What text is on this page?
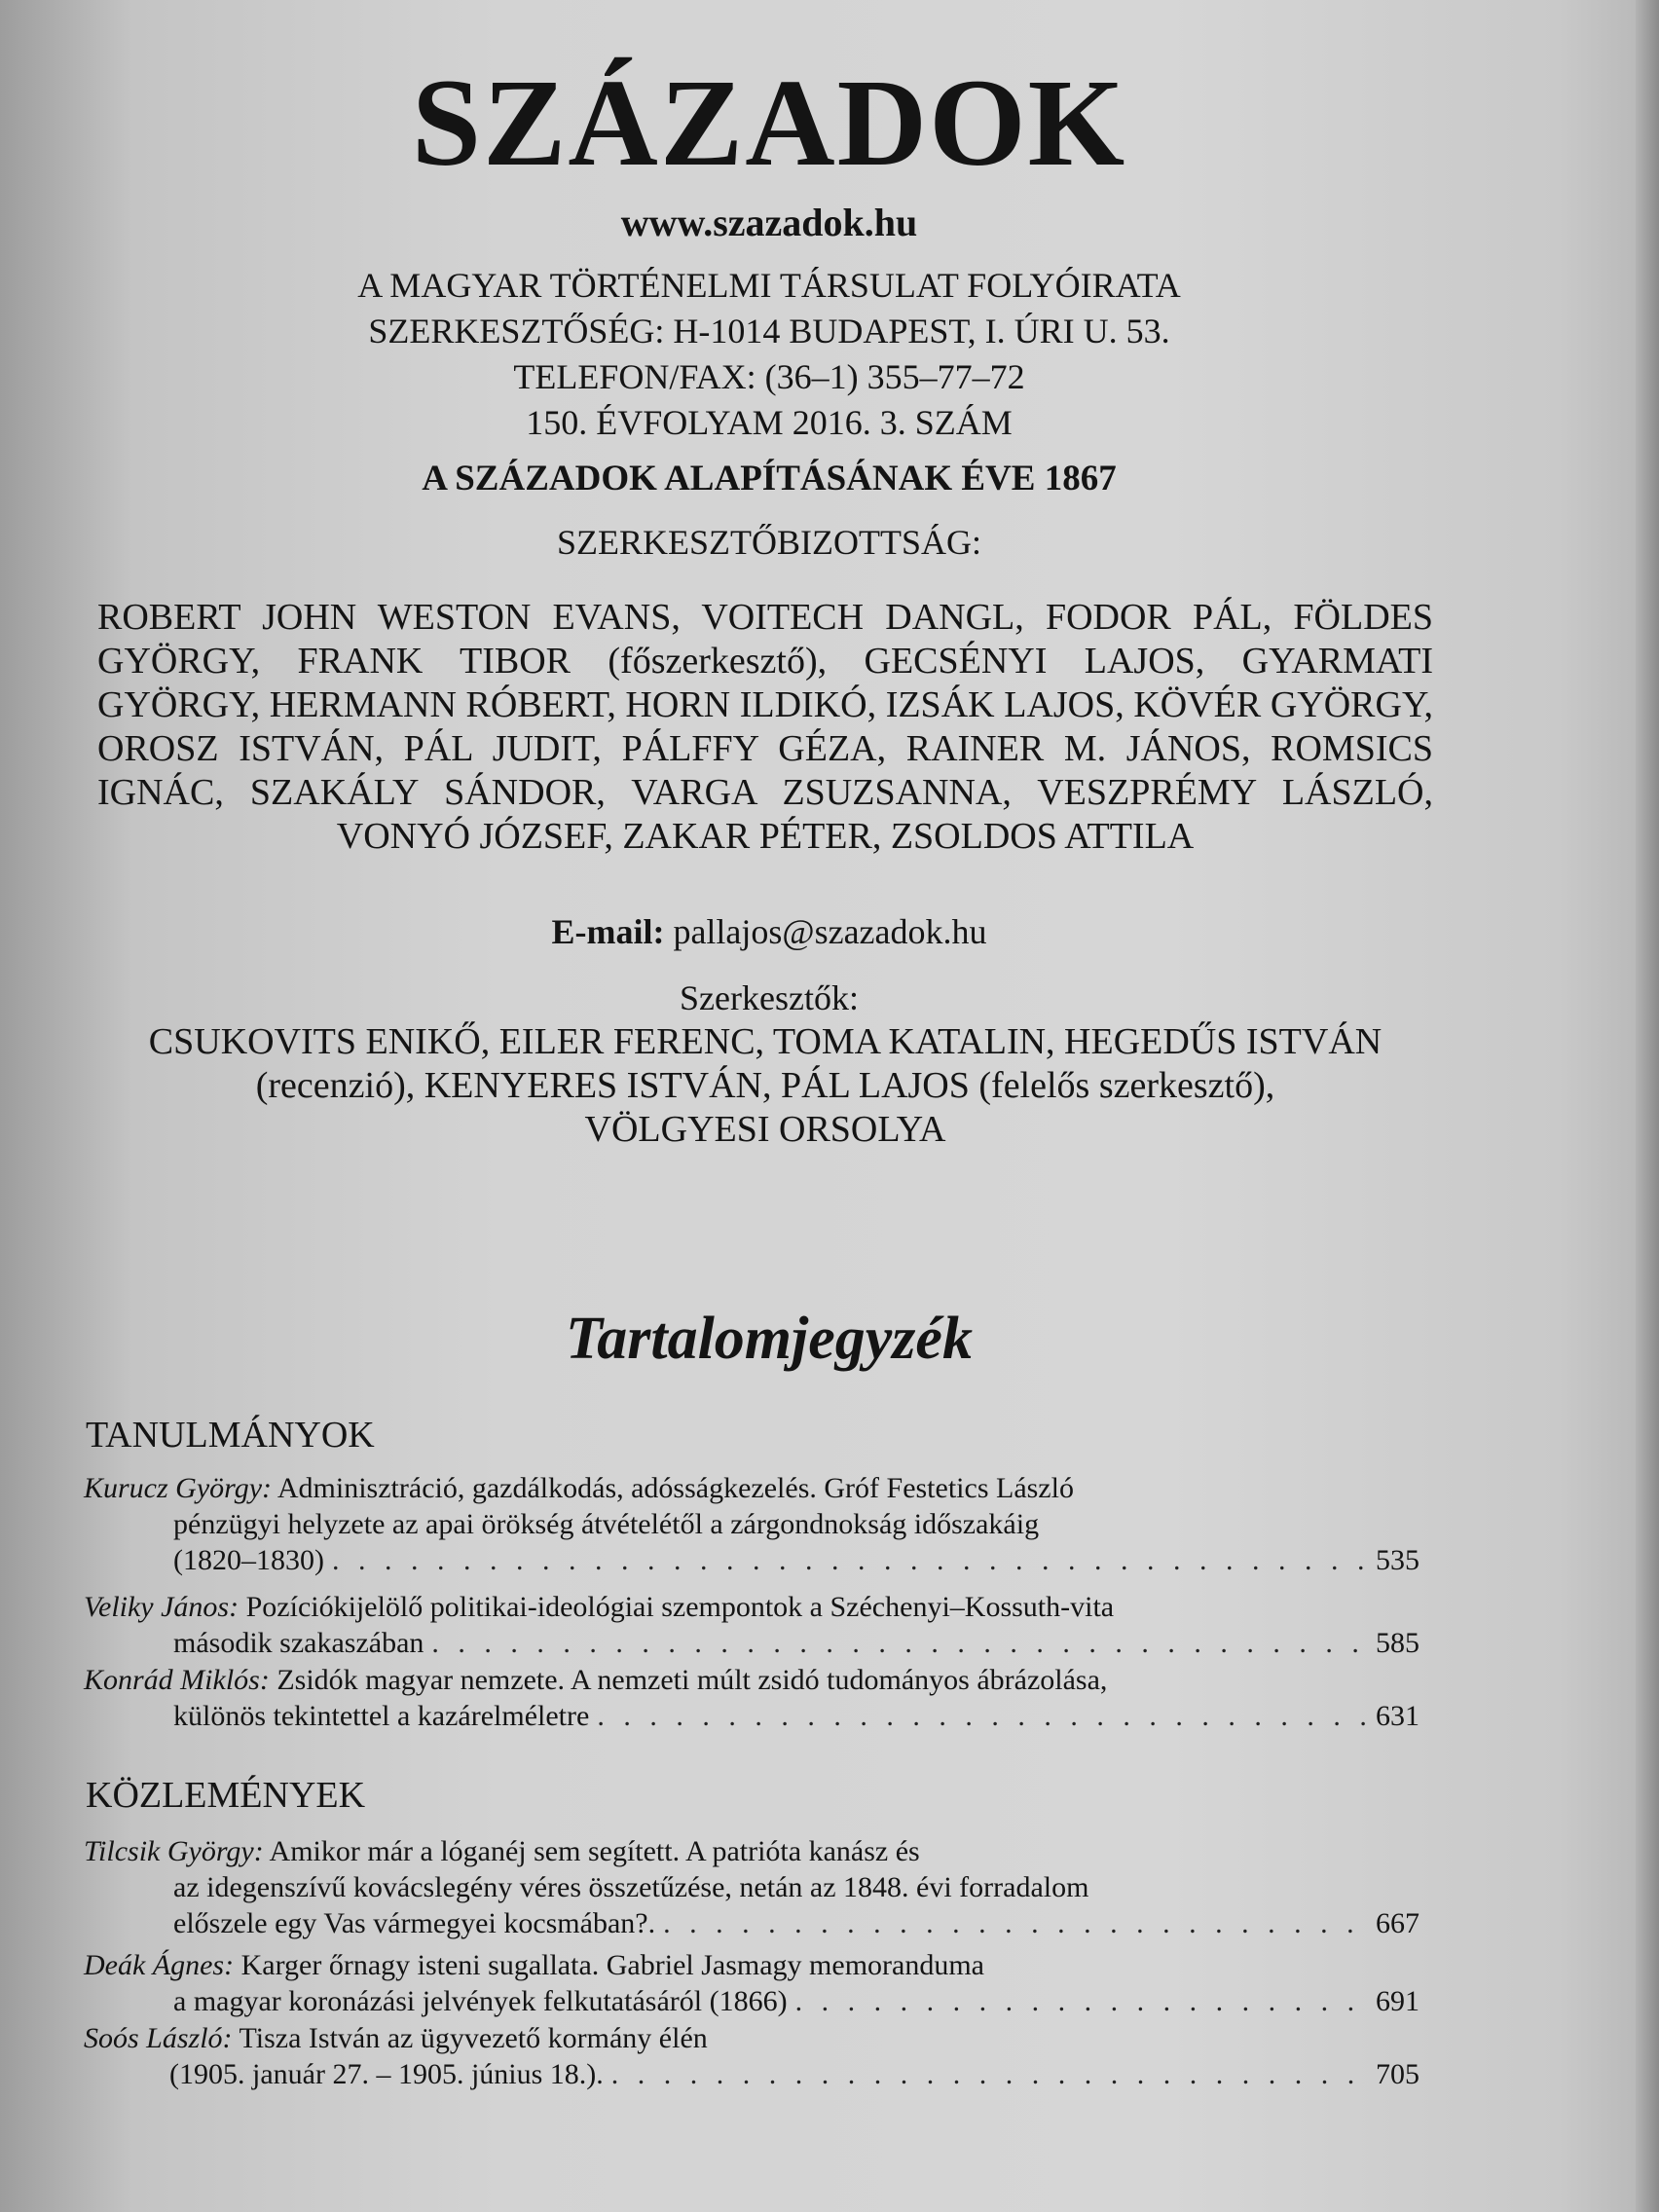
SZÁZADOK
www.szazadok.hu
A MAGYAR TÖRTÉNELMI TÁRSULAT FOLYÓIRATA
SZERKESZTŐSÉG: H-1014 BUDAPEST, I. ÚRI U. 53.
TELEFON/FAX: (36–1) 355–77–72
150. ÉVFOLYAM 2016. 3. SZÁM
A SZÁZADOK ALAPÍTÁSÁNAK ÉVE 1867
SZERKESZTŐBIZOTTSÁG:
ROBERT JOHN WESTON EVANS, VOITECH DANGL, FODOR PÁL, FÖLDES GYÖRGY, FRANK TIBOR (főszerkesztő), GECSÉNYI LAJOS, GYARMATI GYÖRGY, HERMANN RÓBERT, HORN ILDIKÓ, IZSÁK LAJOS, KÖVÉR GYÖRGY, OROSZ ISTVÁN, PÁL JUDIT, PÁLFFY GÉZA, RAINER M. JÁNOS, ROMSICS IGNÁC, SZAKÁLY SÁNDOR, VARGA ZSUZSANNA, VESZPRÉMY LÁSZLÓ, VONYÓ JÓZSEF, ZAKAR PÉTER, ZSOLDOS ATTILA
E-mail: pallajos@szazadok.hu
Szerkesztők:
CSUKOVITS ENIKŐ, EILER FERENC, TOMA KATALIN, HEGEDŰS ISTVÁN
(recenzió), KENYERES ISTVÁN, PÁL LAJOS (felelős szerkesztő),
VÖLGYESI ORSOLYA
Tartalomjegyzék
TANULMÁNYOK
Kurucz György: Adminisztráció, gazdálkodás, adósságkezelés. Gróf Festetics László
pénzügyi helyzete az apai örökség átvételétől a zárgondnokság időszakáig
(1820–1830) . . .	535
Veliky János: Pozíciókijelölő politikai-ideológiai szempontok a Széchenyi–Kossuth-vita
második szakaszában . . .	585
Konrád Miklós: Zsidók magyar nemzete. A nemzeti múlt zsidó tudományos ábrázolása,
különös tekintettel a kazárelméletre . . .	631
KÖZLEMÉNYEK
Tilcsik György: Amikor már a lóganéj sem segített. A patrióta kanász és
az idegenszívű kovácslegény véres összetűzése, netán az 1848. évi forradalom
előszele egy Vas vármegyei kocsmában?. . . .	667
Deák Ágnes: Karger őrnagy isteni sugallata. Gabriel Jasmagy memoranduma
a magyar koronázási jelvények felkutatásáról (1866) . . .	691
Soós László: Tisza István az ügyvezető kormány élén
(1905. január 27. – 1905. június 18.). . . .	705
